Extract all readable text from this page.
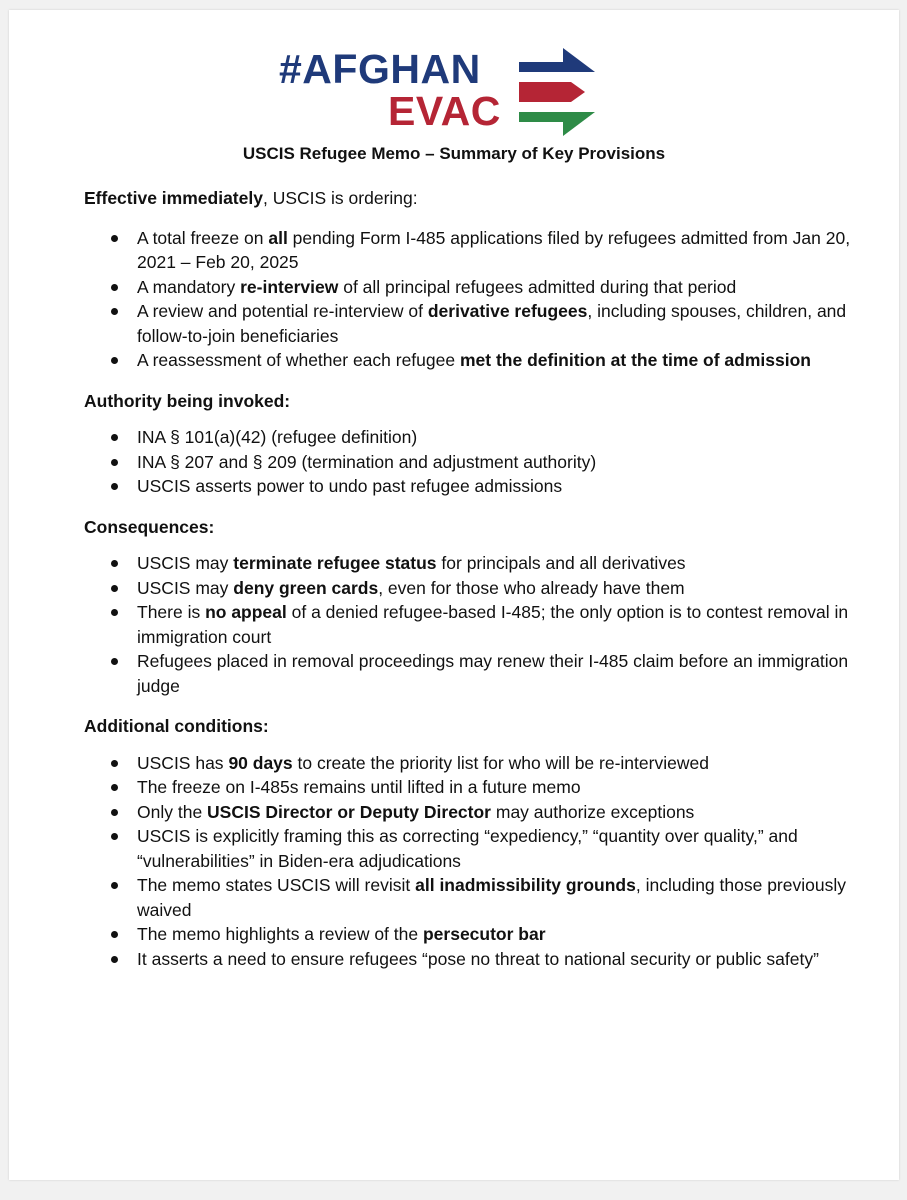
#AFGHAN
EVAC
USCIS Refugee Memo – Summary of Key Provisions

Effective immediately, USCIS is ordering:

A total freeze on all pending Form I-485 applications filed by refugees admitted from Jan 20, 2021 – Feb 20, 2025
A mandatory re-interview of all principal refugees admitted during that period
A review and potential re-interview of derivative refugees, including spouses, children, and follow-to-join beneficiaries
A reassessment of whether each refugee met the definition at the time of admission

Authority being invoked:

INA § 101(a)(42) (refugee definition)
INA § 207 and § 209 (termination and adjustment authority)
USCIS asserts power to undo past refugee admissions

Consequences:

USCIS may terminate refugee status for principals and all derivatives
USCIS may deny green cards, even for those who already have them
There is no appeal of a denied refugee-based I-485; the only option is to contest removal in immigration court
Refugees placed in removal proceedings may renew their I-485 claim before an immigration judge

Additional conditions:

USCIS has 90 days to create the priority list for who will be re-interviewed
The freeze on I-485s remains until lifted in a future memo
Only the USCIS Director or Deputy Director may authorize exceptions
USCIS is explicitly framing this as correcting “expediency,” “quantity over quality,” and “vulnerabilities” in Biden-era adjudications
The memo states USCIS will revisit all inadmissibility grounds, including those previously waived
The memo highlights a review of the persecutor bar
It asserts a need to ensure refugees “pose no threat to national security or public safety”
